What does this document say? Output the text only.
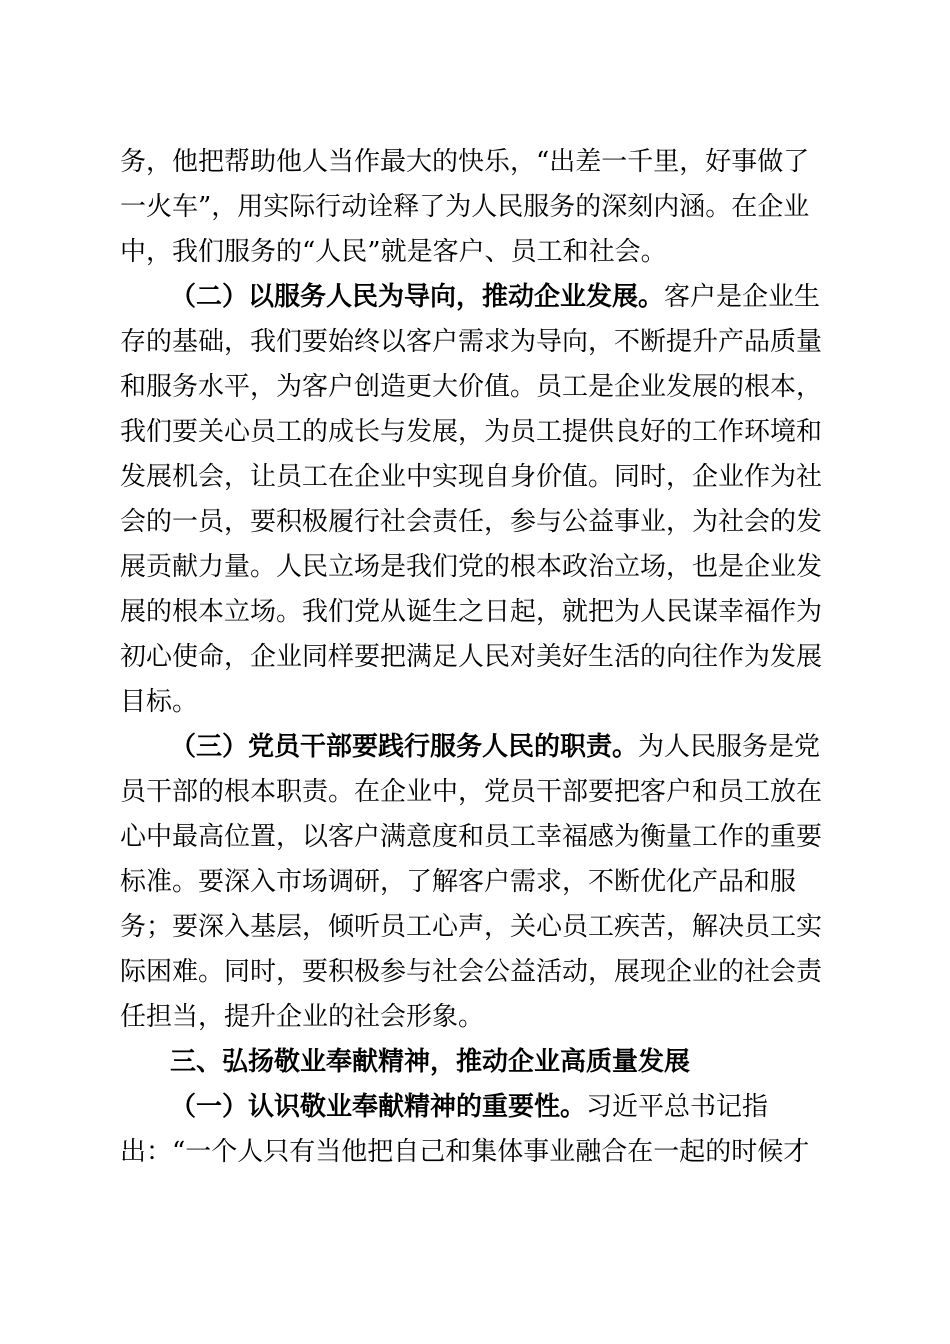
务，他把帮助他人当作最大的快乐，“出差一千里，好事做了
一火车”，用实际行动诠释了为人民服务的深刻内涵。在企业
中，我们服务的“人民”就是客户、员工和社会。
（二）以服务人民为导向，推动企业发展。客户是企业生
存的基础，我们要始终以客户需求为导向，不断提升产品质量
和服务水平，为客户创造更大价值。员工是企业发展的根本，
我们要关心员工的成长与发展，为员工提供良好的工作环境和
发展机会，让员工在企业中实现自身价值。同时，企业作为社
会的一员，要积极履行社会责任，参与公益事业，为社会的发
展贡献力量。人民立场是我们党的根本政治立场，也是企业发
展的根本立场。我们党从诞生之日起，就把为人民谋幸福作为
初心使命，企业同样要把满足人民对美好生活的向往作为发展
目标。
（三）党员干部要践行服务人民的职责。为人民服务是党
员干部的根本职责。在企业中，党员干部要把客户和员工放在
心中最高位置，以客户满意度和员工幸福感为衡量工作的重要
标准。要深入市场调研，了解客户需求，不断优化产品和服
务；要深入基层，倾听员工心声，关心员工疾苦，解决员工实
际困难。同时，要积极参与社会公益活动，展现企业的社会责
任担当，提升企业的社会形象。
三、弘扬敬业奉献精神，推动企业高质量发展
（一）认识敬业奉献精神的重要性。习近平总书记指
出：“一个人只有当他把自己和集体事业融合在一起的时候才
